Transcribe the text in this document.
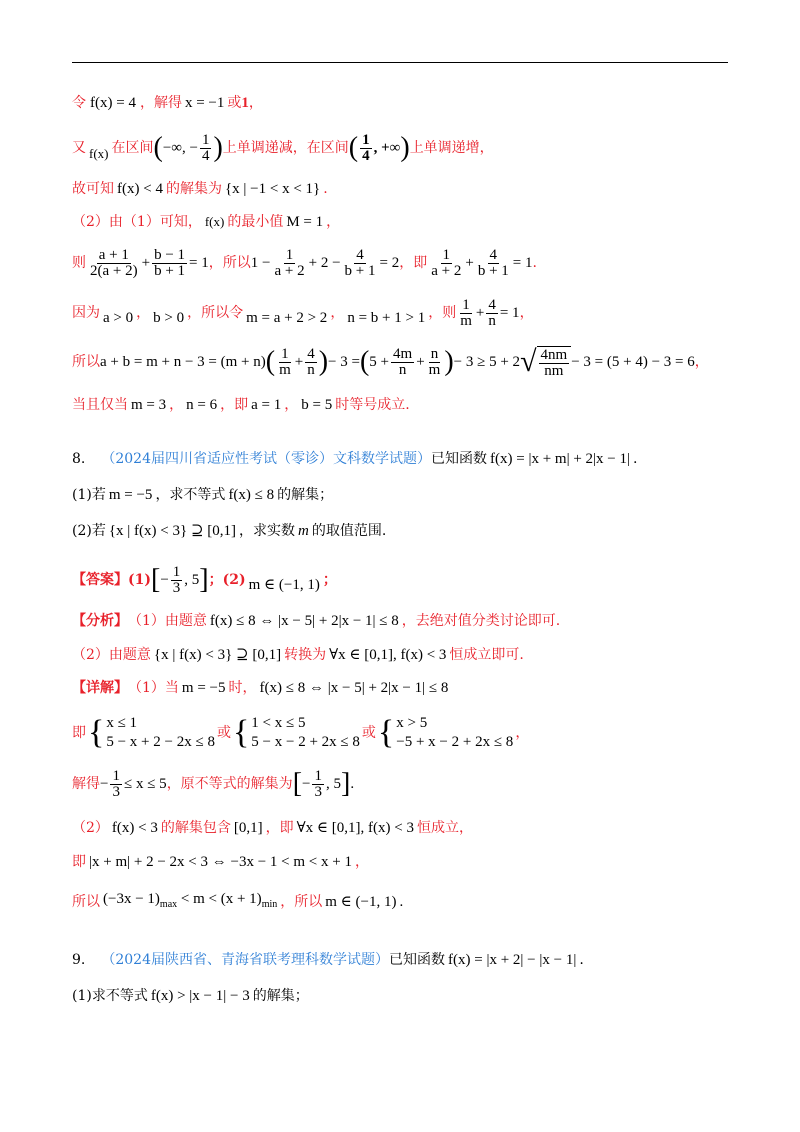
令 f(x) = 4 ，解得 x = −1 或 1 ，
又 f(x) 在区间 ( −∞, − $\frac{1}{4}$ ) 上单调递减，在区间 ( $\frac{1}{4}$ , +∞ ) 上单调递增，
故可知 f(x) < 4 的解集为 {x | −1 < x < 1} .
（2）由（1）可知， f(x) 的最小值 M = 1 ，
则 $\frac{a + 1}{2(a + 2)} + \frac{b - 1}{b + 1} = 1$ ，所以 $1 - \frac{1}{a + 2} + 2 - \frac{4}{b + 1} = 2$ ，即 $\frac{1}{a + 2} + \frac{4}{b + 1} = 1$ .
因为 a > 0 ， b > 0 ，所以令 m = a + 2 > 2 ， n = b + 1 > 1 ，则 $\frac{1}{m} + \frac{4}{n} = 1$ ，
所以 a + b = m + n − 3 = (m + n) ( $\frac{1}{m} + \frac{4}{n}$ ) − 3 = ( $5 + \frac{4m}{n} + \frac{n}{m}$ ) − 3 ≥ 5 + 2 √ $\frac{4nm}{nm} - 3 = (5 + 4) - 3 = 6$ ，
当且仅当 m = 3 ， n = 6 ，即 a = 1 ， b = 5 时等号成立.
8. （2024届四川省适应性考试（零诊）文科数学试题） 已知函数 f(x) = |x + m| + 2|x − 1| .
(1)若 m = −5 ，求不等式 f(x) ≤ 8 的解集；
(2)若 {x | f(x) < 3} ⊇ [0,1] ，求实数 m 的取值范围.
【答案】 (1) [ − $\frac{1}{3}$ , 5 ] ； (2) m ∈ (−1, 1) ；
【分析】 （1）由题意 f(x) ≤ 8 ⇔ |x − 5| + 2|x − 1| ≤ 8 ，去绝对值分类讨论即可.
（2）由题意 {x | f(x) < 3} ⊇ [0,1] 转换为 ∀x ∈ [0,1], f(x) < 3 恒成立即可.
【详解】 （1）当 m = −5 时， f(x) ≤ 8 ⇔ |x − 5| + 2|x − 1| ≤ 8
即 { x ≤ 1
5 − x + 2 − 2x ≤ 8
或 { 1 < x ≤ 5
5 − x − 2 + 2x ≤ 8
或 { x > 5
−5 + x − 2 + 2x ≤ 8
，
解得 − $\frac{1}{3} \le x \le 5$ ，原不等式的解集为 [ − $\frac{1}{3}$ , 5 ] .
（2） f(x) < 3 的解集包含 [0,1] ，即 ∀x ∈ [0,1], f(x) < 3 恒成立，
即 |x + m| + 2 − 2x < 3 ⇔ −3x − 1 < m < x + 1 ，
所以 $(-3x - 1)_{max} < m < (x + 1)_{min}$ ，所以 m ∈ (−1, 1) .
9. （2024届陕西省、青海省联考理科数学试题） 已知函数 f(x) = |x + 2| − |x − 1| .
(1)求不等式 f(x) > |x − 1| − 3 的解集；
